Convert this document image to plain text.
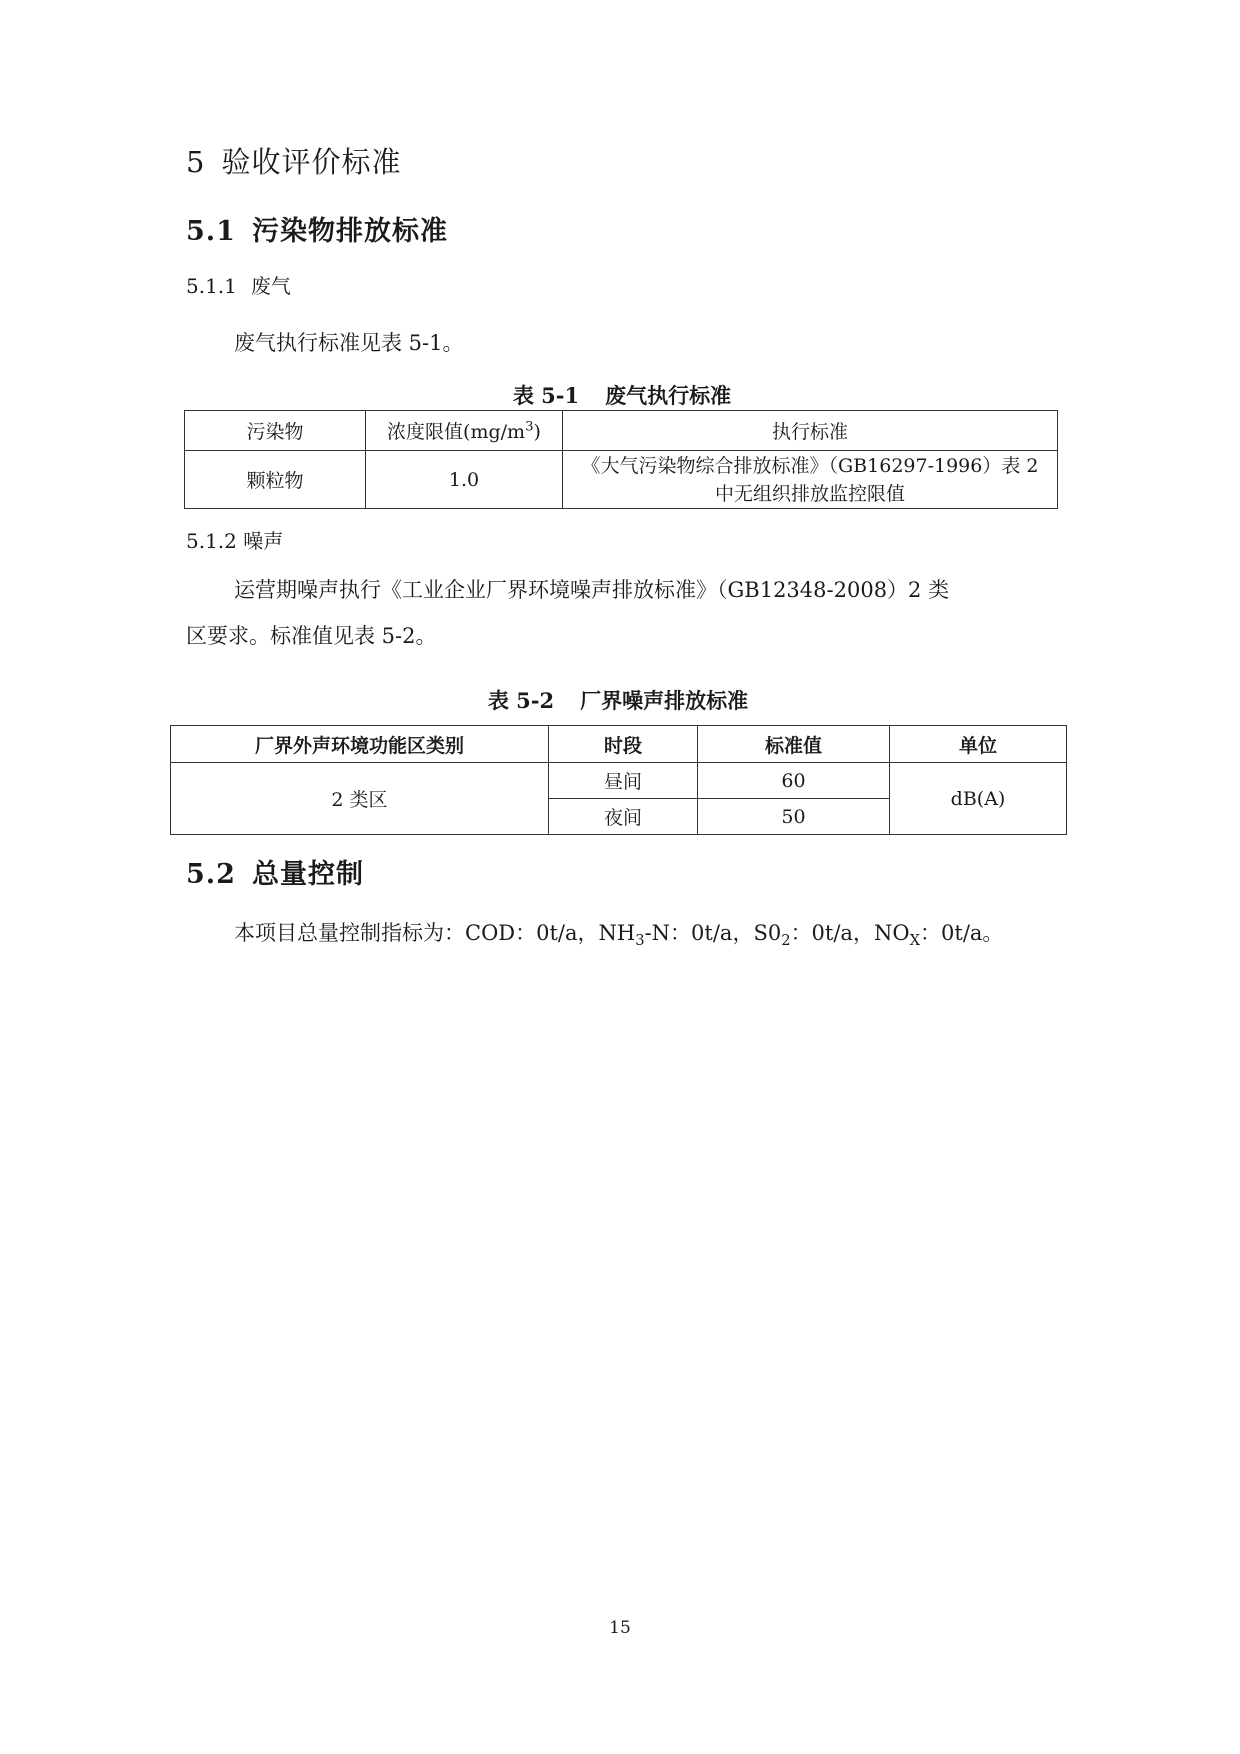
5 验收评价标准
5.1 污染物排放标准
5.1.1 废气
废气执行标准见表 5-1。
表 5-1 废气执行标准
污染物	浓度限值$(mg/m^3)$	执行标准
颗粒物	1.0	《大气污染物综合排放标准》（GB16297-1996）表 2
中无组织排放监控限值
5.1.2 噪声
运营期噪声执行《工业企业厂界环境噪声排放标准》（GB12348-2008）2 类
区要求。标准值见表 5-2。
表 5-2 厂界噪声排放标准
厂界外声环境功能区类别	时段	标准值	单位
2 类区	昼间	60	dB(A)
	夜间	50	
5.2 总量控制
本项目总量控制指标为：COD：0t/a，$NH_3-N$：0t/a，$S0_2$：0t/a，$NO_X$：0t/a。
15
